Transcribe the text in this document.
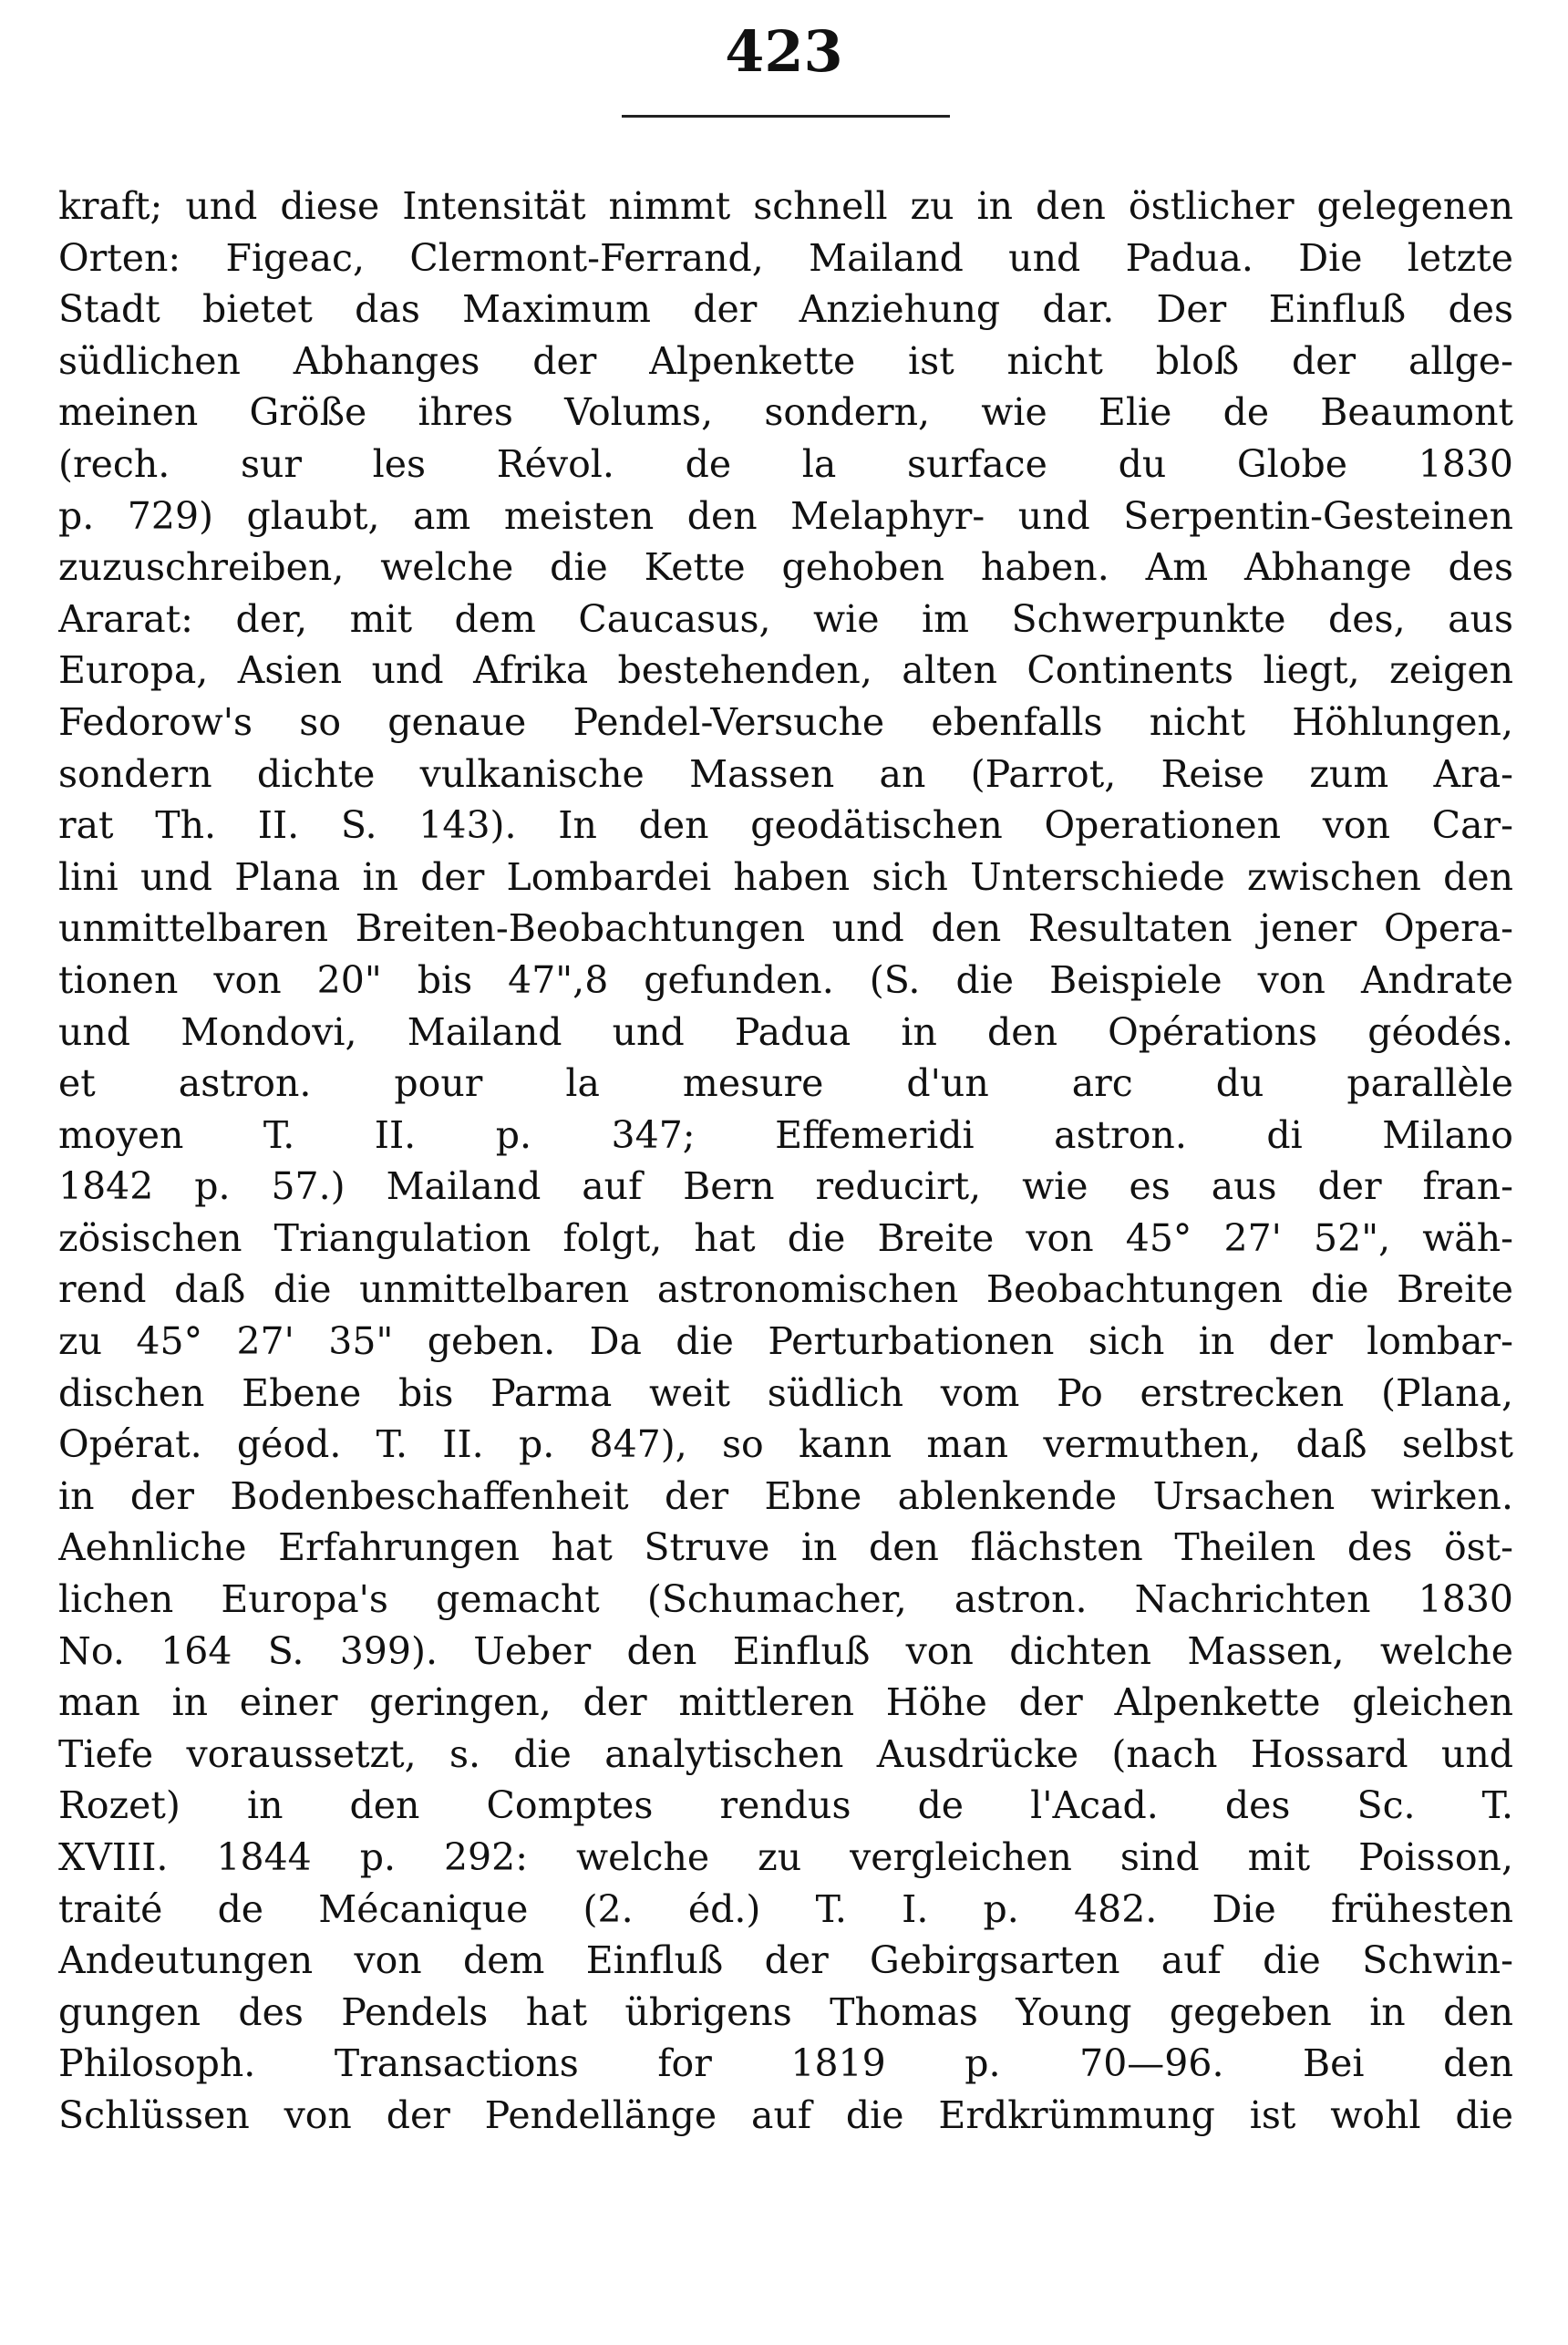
423
kraft; und diese Intensität nimmt schnell zu in den östlicher gelegenen
Orten: Figeac, Clermont-Ferrand, Mailand und Padua. Die letzte
Stadt bietet das Maximum der Anziehung dar. Der Einfluß des
südlichen Abhanges der Alpenkette ist nicht bloß der allge-
meinen Größe ihres Volums, sondern, wie Elie de Beaumont
(rech. sur les Révol. de la surface du Globe 1830
p. 729) glaubt, am meisten den Melaphyr- und Serpentin-Gesteinen
zuzuschreiben, welche die Kette gehoben haben. Am Abhange des
Ararat: der, mit dem Caucasus, wie im Schwerpunkte des, aus
Europa, Asien und Afrika bestehenden, alten Continents liegt, zeigen
Fedorow's so genaue Pendel-Versuche ebenfalls nicht Höhlungen,
sondern dichte vulkanische Massen an (Parrot, Reise zum Ara-
rat Th. II. S. 143). In den geodätischen Operationen von Car-
lini und Plana in der Lombardei haben sich Unterschiede zwischen den
unmittelbaren Breiten-Beobachtungen und den Resultaten jener Opera-
tionen von 20" bis 47",8 gefunden. (S. die Beispiele von Andrate
und Mondovi, Mailand und Padua in den Opérations géodés.
et astron. pour la mesure d'un arc du parallèle
moyen T. II. p. 347; Effemeridi astron. di Milano
1842 p. 57.) Mailand auf Bern reducirt, wie es aus der fran-
zösischen Triangulation folgt, hat die Breite von 45° 27' 52", wäh-
rend daß die unmittelbaren astronomischen Beobachtungen die Breite
zu 45° 27' 35" geben. Da die Perturbationen sich in der lombar-
dischen Ebene bis Parma weit südlich vom Po erstrecken (Plana,
Opérat. géod. T. II. p. 847), so kann man vermuthen, daß selbst
in der Bodenbeschaffenheit der Ebne ablenkende Ursachen wirken.
Aehnliche Erfahrungen hat Struve in den flächsten Theilen des öst-
lichen Europa's gemacht (Schumacher, astron. Nachrichten 1830
No. 164 S. 399). Ueber den Einfluß von dichten Massen, welche
man in einer geringen, der mittleren Höhe der Alpenkette gleichen
Tiefe voraussetzt, s. die analytischen Ausdrücke (nach Hossard und
Rozet) in den Comptes rendus de l'Acad. des Sc. T.
XVIII. 1844 p. 292: welche zu vergleichen sind mit Poisson,
traité de Mécanique (2. éd.) T. I. p. 482. Die frühesten
Andeutungen von dem Einfluß der Gebirgsarten auf die Schwin-
gungen des Pendels hat übrigens Thomas Young gegeben in den
Philosoph. Transactions for 1819 p. 70—96. Bei den
Schlüssen von der Pendellänge auf die Erdkrümmung ist wohl die
